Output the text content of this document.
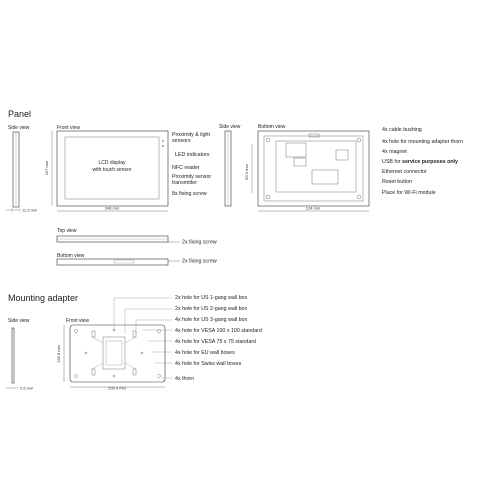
Panel
Side view
11.3 mm
Front view
LCD display
with touch sensor
167 mm
248 mm
Proximity & light
sensors
LED indicators
NFC reader
Proximity sensor
transmitter
8x fixing screw
Side view	Bottom view
83.3 mm
124 mm
4x cable bushing
4x hole for mounting adapter thorn
4x magnet
USB for service purposes only
Ethernet connector
Reset button
Place for Wi-Fi module
Top view
2x fixing screw
Bottom view
2x fixing screw
Mounting adapter
Side view
2.5 mm
Front view
128.8 mm
209.9 mm
2x hole for US 1-gang wall box
2x hole for US 2-gang wall box
4x hole for US 3-gang wall box
4x hole for VESA 100 x 100 standard
4x hole for VESA 75 x 75 standard
4x hole for EU wall boxes
4x hole for Swiss wall boxes
4x thorn
